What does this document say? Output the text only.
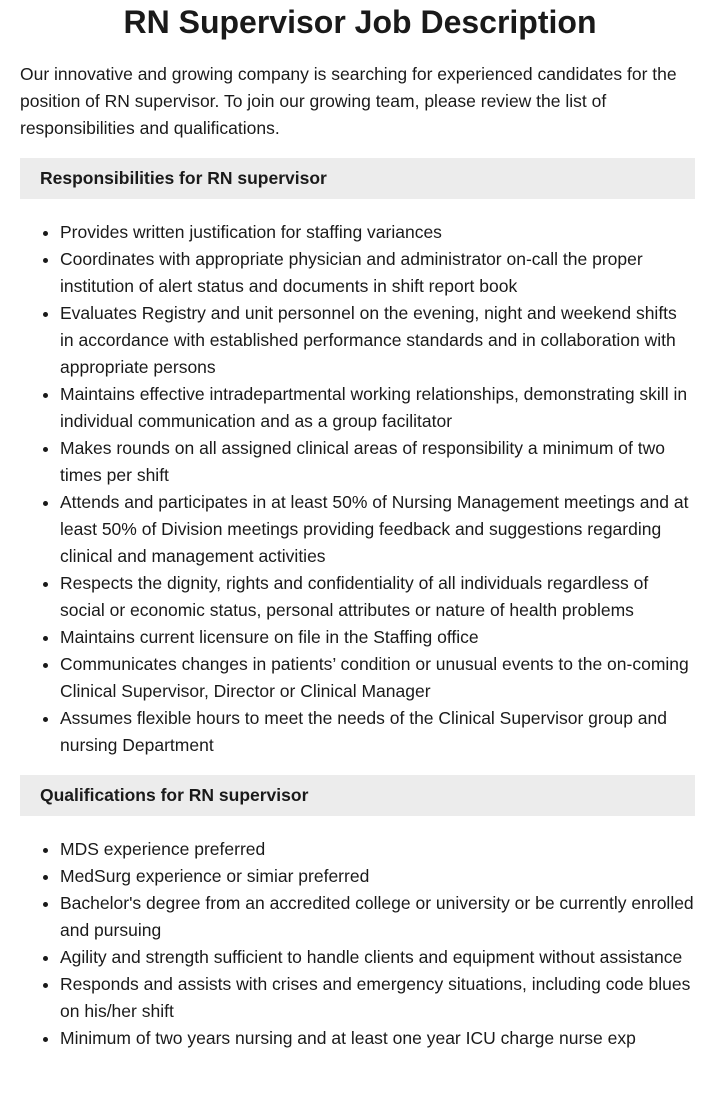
RN Supervisor Job Description

Our innovative and growing company is searching for experienced candidates for the position of RN supervisor. To join our growing team, please review the list of responsibilities and qualifications.

Responsibilities for RN supervisor
• Provides written justification for staffing variances
• Coordinates with appropriate physician and administrator on-call the proper institution of alert status and documents in shift report book
• Evaluates Registry and unit personnel on the evening, night and weekend shifts in accordance with established performance standards and in collaboration with appropriate persons
• Maintains effective intradepartmental working relationships, demonstrating skill in individual communication and as a group facilitator
• Makes rounds on all assigned clinical areas of responsibility a minimum of two times per shift
• Attends and participates in at least 50% of Nursing Management meetings and at least 50% of Division meetings providing feedback and suggestions regarding clinical and management activities
• Respects the dignity, rights and confidentiality of all individuals regardless of social or economic status, personal attributes or nature of health problems
• Maintains current licensure on file in the Staffing office
• Communicates changes in patients’ condition or unusual events to the on-coming Clinical Supervisor, Director or Clinical Manager
• Assumes flexible hours to meet the needs of the Clinical Supervisor group and nursing Department
Qualifications for RN supervisor
• MDS experience preferred
• MedSurg experience or simiar preferred
• Bachelor's degree from an accredited college or university or be currently enrolled and pursuing
• Agility and strength sufficient to handle clients and equipment without assistance
• Responds and assists with crises and emergency situations, including code blues on his/her shift
• Minimum of two years nursing and at least one year ICU charge nurse exp
